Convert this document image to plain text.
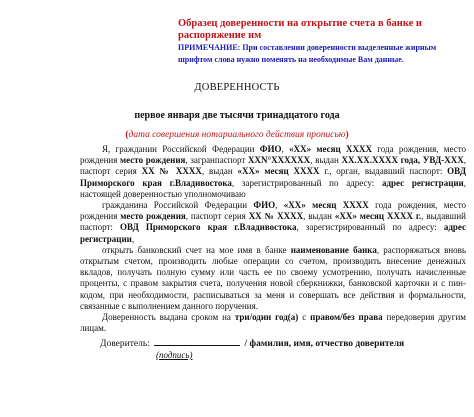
Образец доверенности на открытие счета в банке и распоряжение им
ПРИМЕЧАНИЕ: При составлении доверенности выделенные жирным шрифтом слова нужно поменять на необходимые Вам данные.
ДОВЕРЕННОСТЬ
первое января две тысячи тринадцатого года
(дата совершения нотариального действия прописью)

Я, гражданин Российской Федерации ФИО, «ХХ» месяц ХХХХ года рождения, место рождения место рождения, загранпаспорт XXN°XXXXXX, выдан XX.XX.XXXX года, УВД-XXX, паспорт серия XX № XXXX, выдан «ХХ» месяц ХХХХ г., орган, выдавший паспорт: ОВД Приморского края г.Владивостока, зарегистрированный по адресу: адрес регистрации, настоящей доверенностью уполномочиваю

гражданина Российской Федерации ФИО, «ХХ» месяц ХХХХ года рождения, место рождения место рождения, паспорт серия XX № XXXX, выдан «ХХ» месяц ХХХХ г., выдавший паспорт: ОВД Приморского края г.Владивостока, зарегистрированный по адресу: адрес регистрации,

открыть банковский счет на мое имя в банке наименование банка, распоряжаться вновь открытым счетом, производить любые операции со счетом, производить внесение денежных вкладов, получать полную сумму или часть ее по своему усмотрению, получать начисленные проценты, с правом закрытия счета, получения новой сберкнижки, банковской карточки и с пин-кодом, при необходимости, расписываться за меня и совершать все действия и формальности, связанные с выполнением данного поручения.

Доверенность выдана сроком на три/один год(а) с правом/без права передоверия другим лицам.

Доверитель:	/ фамилия, имя, отчество доверителя
(подпись)
